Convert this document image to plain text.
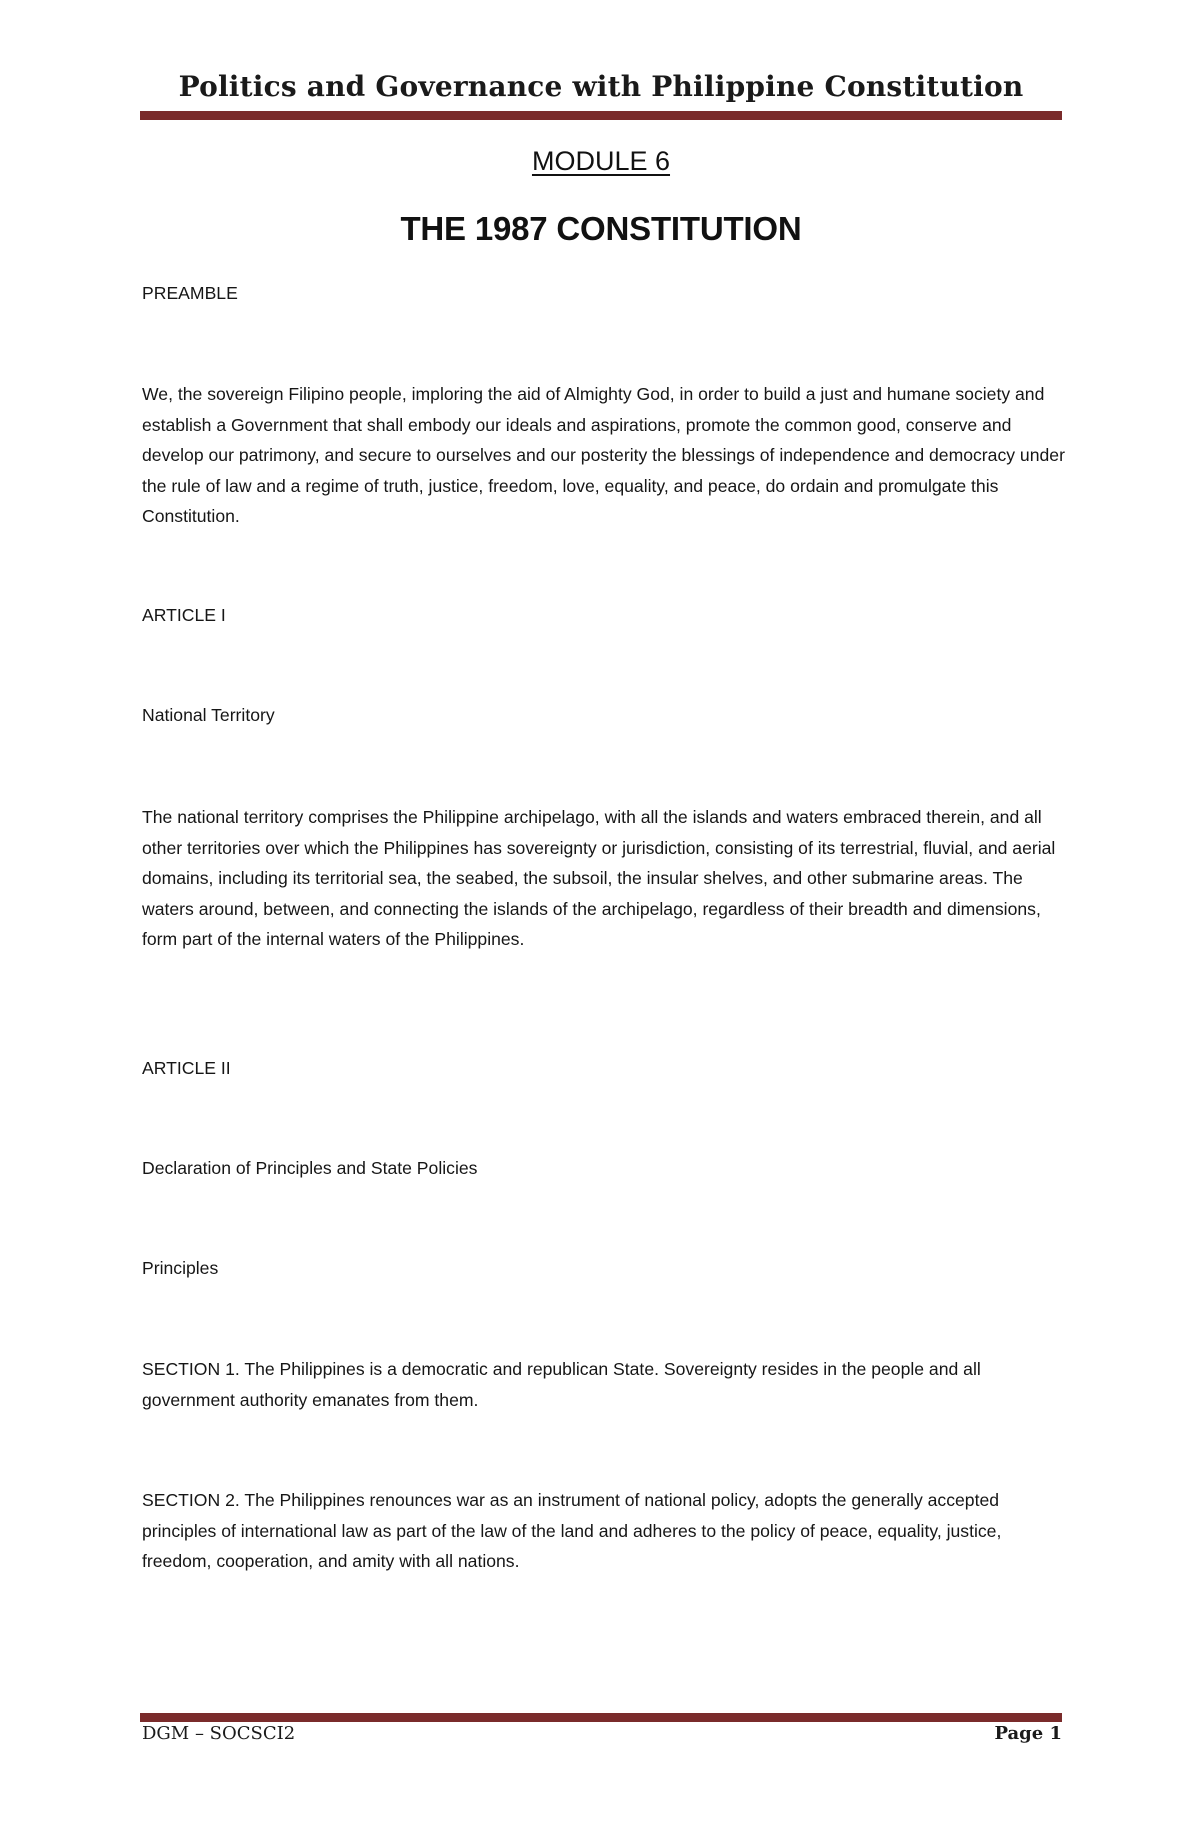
Politics and Governance with Philippine Constitution
MODULE 6
THE 1987 CONSTITUTION
PREAMBLE
We, the sovereign Filipino people, imploring the aid of Almighty God, in order to build a just and humane society and establish a Government that shall embody our ideals and aspirations, promote the common good, conserve and develop our patrimony, and secure to ourselves and our posterity the blessings of independence and democracy under the rule of law and a regime of truth, justice, freedom, love, equality, and peace, do ordain and promulgate this Constitution.
ARTICLE I
National Territory
The national territory comprises the Philippine archipelago, with all the islands and waters embraced therein, and all other territories over which the Philippines has sovereignty or jurisdiction, consisting of its terrestrial, fluvial, and aerial domains, including its territorial sea, the seabed, the subsoil, the insular shelves, and other submarine areas. The waters around, between, and connecting the islands of the archipelago, regardless of their breadth and dimensions, form part of the internal waters of the Philippines.
ARTICLE II
Declaration of Principles and State Policies
Principles
SECTION 1. The Philippines is a democratic and republican State. Sovereignty resides in the people and all government authority emanates from them.
SECTION 2. The Philippines renounces war as an instrument of national policy, adopts the generally accepted principles of international law as part of the law of the land and adheres to the policy of peace, equality, justice, freedom, cooperation, and amity with all nations.
DGM – SOCSCI2	Page 1
